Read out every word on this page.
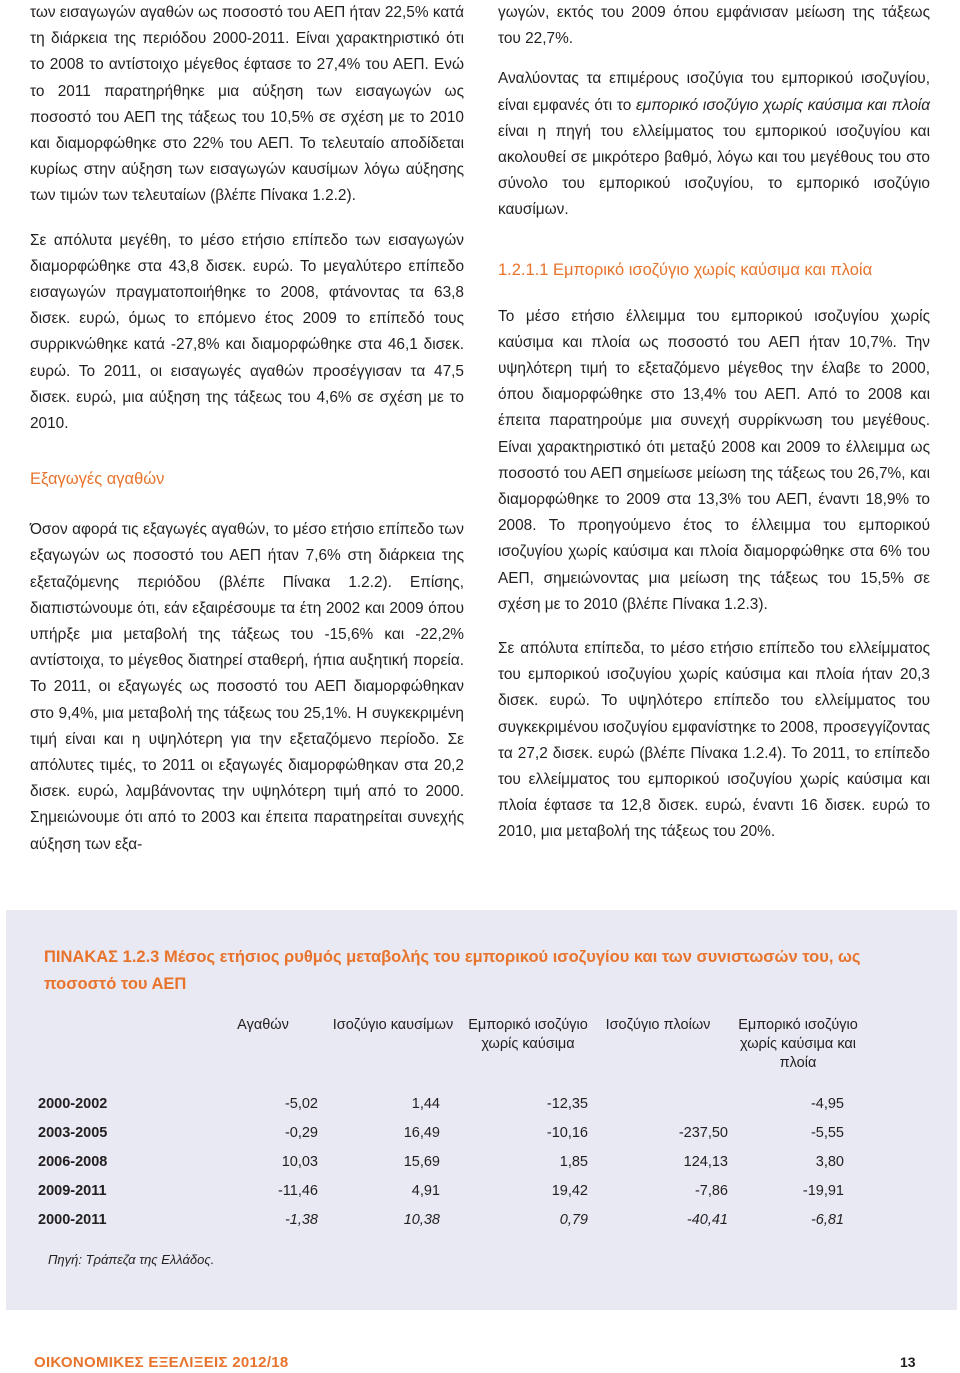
των εισαγωγών αγαθών ως ποσοστό του ΑΕΠ ήταν 22,5% κατά τη διάρκεια της περιόδου 2000-2011. Είναι χαρακτηριστικό ότι το 2008 το αντίστοιχο μέγεθος έφτασε το 27,4% του ΑΕΠ. Ενώ το 2011 παρατηρήθηκε μια αύξηση των εισαγωγών ως ποσοστό του ΑΕΠ της τάξεως του 10,5% σε σχέση με το 2010 και διαμορφώθηκε στο 22% του ΑΕΠ. Το τελευταίο αποδίδεται κυρίως στην αύξηση των εισαγωγών καυσίμων λόγω αύξησης των τιμών των τελευταίων (βλέπε Πίνακα 1.2.2).

Σε απόλυτα μεγέθη, το μέσο ετήσιο επίπεδο των εισαγωγών διαμορφώθηκε στα 43,8 δισεκ. ευρώ. Το μεγαλύτερο επίπεδο εισαγωγών πραγματοποιήθηκε το 2008, φτάνοντας τα 63,8 δισεκ. ευρώ, όμως το επόμενο έτος 2009 το επίπεδό τους συρρικνώθηκε κατά -27,8% και διαμορφώθηκε στα 46,1 δισεκ. ευρώ. Το 2011, οι εισαγωγές αγαθών προσέγγισαν τα 47,5 δισεκ. ευρώ, μια αύξηση της τάξεως του 4,6% σε σχέση με το 2010.

Εξαγωγές αγαθών

Όσον αφορά τις εξαγωγές αγαθών, το μέσο ετήσιο επίπεδο των εξαγωγών ως ποσοστό του ΑΕΠ ήταν 7,6% στη διάρκεια της εξεταζόμενης περιόδου (βλέπε Πίνακα 1.2.2). Επίσης, διαπιστώνουμε ότι, εάν εξαιρέσουμε τα έτη 2002 και 2009 όπου υπήρξε μια μεταβολή της τάξεως του -15,6% και -22,2% αντίστοιχα, το μέγεθος διατηρεί σταθερή, ήπια αυξητική πορεία. Το 2011, οι εξαγωγές ως ποσοστό του ΑΕΠ διαμορφώθηκαν στο 9,4%, μια μεταβολή της τάξεως του 25,1%. Η συγκεκριμένη τιμή είναι και η υψηλότερη για την εξεταζόμενο περίοδο. Σε απόλυτες τιμές, το 2011 οι εξαγωγές διαμορφώθηκαν στα 20,2 δισεκ. ευρώ, λαμβάνοντας την υψηλότερη τιμή από το 2000. Σημειώνουμε ότι από το 2003 και έπειτα παρατηρείται συνεχής αύξηση των εξα-

γωγών, εκτός του 2009 όπου εμφάνισαν μείωση της τάξεως του 22,7%.

Αναλύοντας τα επιμέρους ισοζύγια του εμπορικού ισοζυγίου, είναι εμφανές ότι το εμπορικό ισοζύγιο χωρίς καύσιμα και πλοία είναι η πηγή του ελλείμματος του εμπορικού ισοζυγίου και ακολουθεί σε μικρότερο βαθμό, λόγω και του μεγέθους του στο σύνολο του εμπορικού ισοζυγίου, το εμπορικό ισοζύγιο καυσίμων.

1.2.1.1 Εμπορικό ισοζύγιο χωρίς καύσιμα και πλοία

Το μέσο ετήσιο έλλειμμα του εμπορικού ισοζυγίου χωρίς καύσιμα και πλοία ως ποσοστό του ΑΕΠ ήταν 10,7%. Την υψηλότερη τιμή το εξεταζόμενο μέγεθος την έλαβε το 2000, όπου διαμορφώθηκε στο 13,4% του ΑΕΠ. Από το 2008 και έπειτα παρατηρούμε μια συνεχή συρρίκνωση του μεγέθους. Είναι χαρακτηριστικό ότι μεταξύ 2008 και 2009 το έλλειμμα ως ποσοστό του ΑΕΠ σημείωσε μείωση της τάξεως του 26,7%, και διαμορφώθηκε το 2009 στα 13,3% του ΑΕΠ, έναντι 18,9% το 2008. Το προηγούμενο έτος το έλλειμμα του εμπορικού ισοζυγίου χωρίς καύσιμα και πλοία διαμορφώθηκε στα 6% του ΑΕΠ, σημειώνοντας μια μείωση της τάξεως του 15,5% σε σχέση με το 2010 (βλέπε Πίνακα 1.2.3).

Σε απόλυτα επίπεδα, το μέσο ετήσιο επίπεδο του ελλείμματος του εμπορικού ισοζυγίου χωρίς καύσιμα και πλοία ήταν 20,3 δισεκ. ευρώ. Το υψηλότερο επίπεδο του ελλείμματος του συγκεκριμένου ισοζυγίου εμφανίστηκε το 2008, προσεγγίζοντας τα 27,2 δισεκ. ευρώ (βλέπε Πίνακα 1.2.4). Το 2011, το επίπεδο του ελλείμματος του εμπορικού ισοζυγίου χωρίς καύσιμα και πλοία έφτασε τα 12,8 δισεκ. ευρώ, έναντι 16 δισεκ. ευρώ το 2010, μια μεταβολή της τάξεως του 20%.

ΠΙΝΑΚΑΣ 1.2.3 Μέσος ετήσιος ρυθμός μεταβολής του εμπορικού ισοζυγίου και των συνιστωσών του, ως ποσοστό του ΑΕΠ
	Αγαθών	Ισοζύγιο καυσίμων	Εμπορικό ισοζύγιο χωρίς καύσιμα	Ισοζύγιο πλοίων	Εμπορικό ισοζύγιο χωρίς καύσιμα και πλοία
2000-2002	-5,02	1,44	-12,35		-4,95
2003-2005	-0,29	16,49	-10,16	-237,50	-5,55
2006-2008	10,03	15,69	1,85	124,13	3,80
2009-2011	-11,46	4,91	19,42	-7,86	-19,91
2000-2011	-1,38	10,38	0,79	-40,41	-6,81
Πηγή: Τράπεζα της Ελλάδος.
ΟΙΚΟΝΟΜΙΚΕΣ ΕΞΕΛΙΞΕΙΣ 2012/18	13
